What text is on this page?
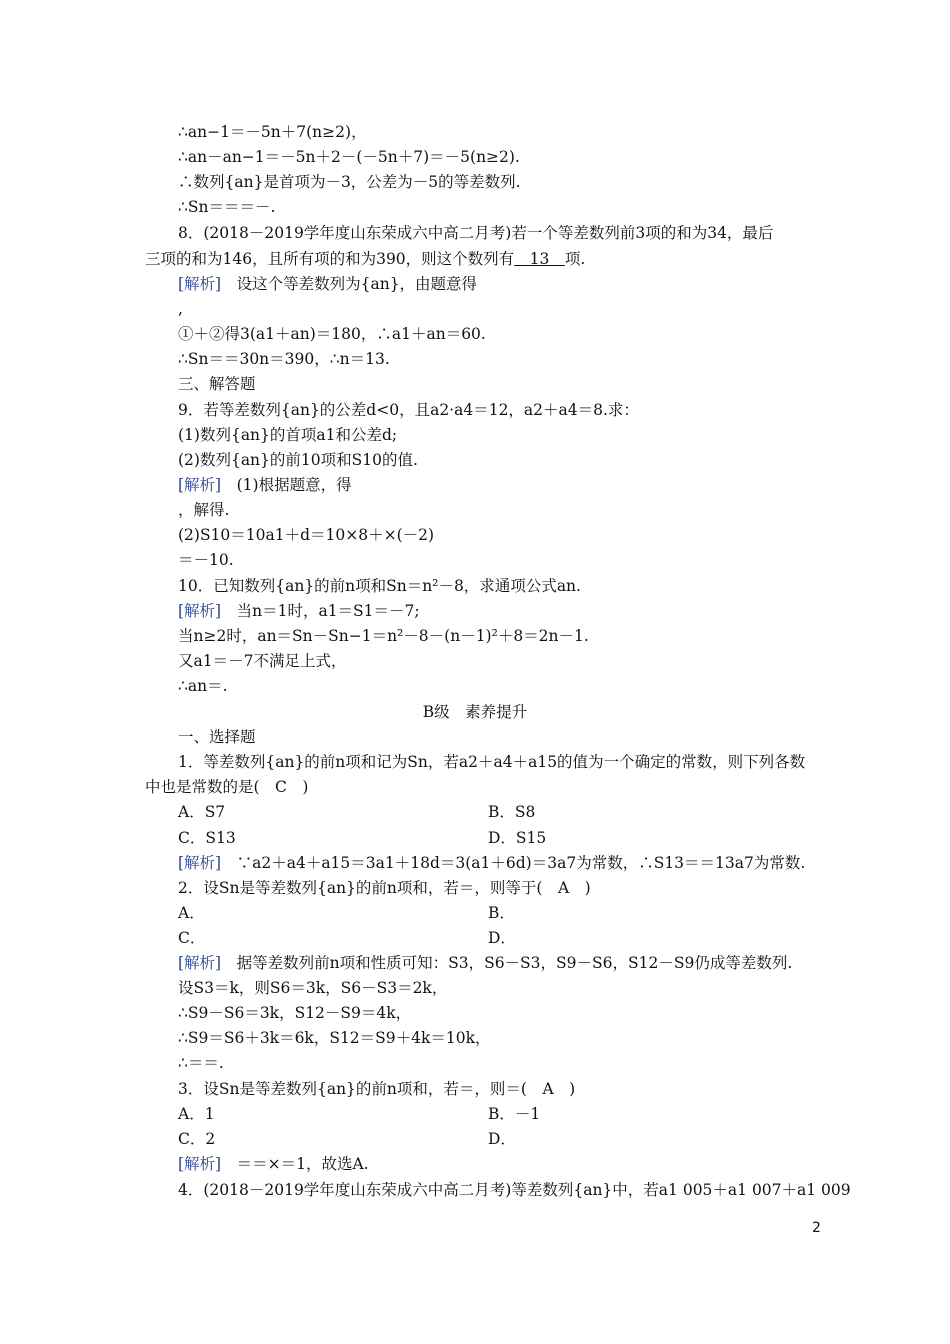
∴an−1＝－5n＋7(n≥2)，
∴an－an−1＝－5n＋2－(－5n＋7)＝－5(n≥2).
∴数列{an}是首项为－3，公差为－5的等差数列.
∴Sn＝＝＝－.
8．(2018－2019学年度山东荣成六中高二月考)若一个等差数列前3项的和为34，最后
三项的和为146，且所有项的和为390，则这个数列有　13　项.
[解析]　设这个等差数列为{an}，由题意得
,
①＋②得3(a1＋an)＝180，∴a1＋an＝60.
∴Sn＝＝30n＝390，∴n＝13.
三、解答题
9．若等差数列{an}的公差d<0，且a2·a4＝12，a2＋a4＝8.求：
(1)数列{an}的首项a1和公差d;
(2)数列{an}的前10项和S10的值.
[解析]　(1)根据题意，得
，解得.
(2)S10＝10a1＋d＝10×8＋×(－2)
＝－10.
10．已知数列{an}的前n项和Sn＝n²－8，求通项公式an.
[解析]　当n＝1时，a1＝S1＝－7;
当n≥2时，an＝Sn－Sn−1＝n²－8－(n－1)²＋8＝2n－1.
又a1＝－7不满足上式，
∴an＝.
B级　素养提升
一、选择题
1．等差数列{an}的前n项和记为Sn，若a2＋a4＋a15的值为一个确定的常数，则下列各数
中也是常数的是(　C　)
A．S7	B．S8
C．S13	D．S15
[解析]　∵a2＋a4＋a15＝3a1＋18d＝3(a1＋6d)＝3a7为常数，∴S13＝＝13a7为常数.
2．设Sn是等差数列{an}的前n项和，若＝，则等于(　A　)
A．	B．
C．	D．
[解析]　据等差数列前n项和性质可知：S3，S6－S3，S9－S6，S12－S9仍成等差数列.
设S3＝k，则S6＝3k，S6－S3＝2k，
∴S9－S6＝3k，S12－S9＝4k，
∴S9＝S6＋3k＝6k，S12＝S9＋4k＝10k，
∴＝＝.
3．设Sn是等差数列{an}的前n项和，若＝，则＝(　A　)
A．1	B．－1
C．2	D．
[解析]　＝＝×＝1，故选A.
4．(2018－2019学年度山东荣成六中高二月考)等差数列{an}中，若a1 005＋a1 007＋a1 009
2
